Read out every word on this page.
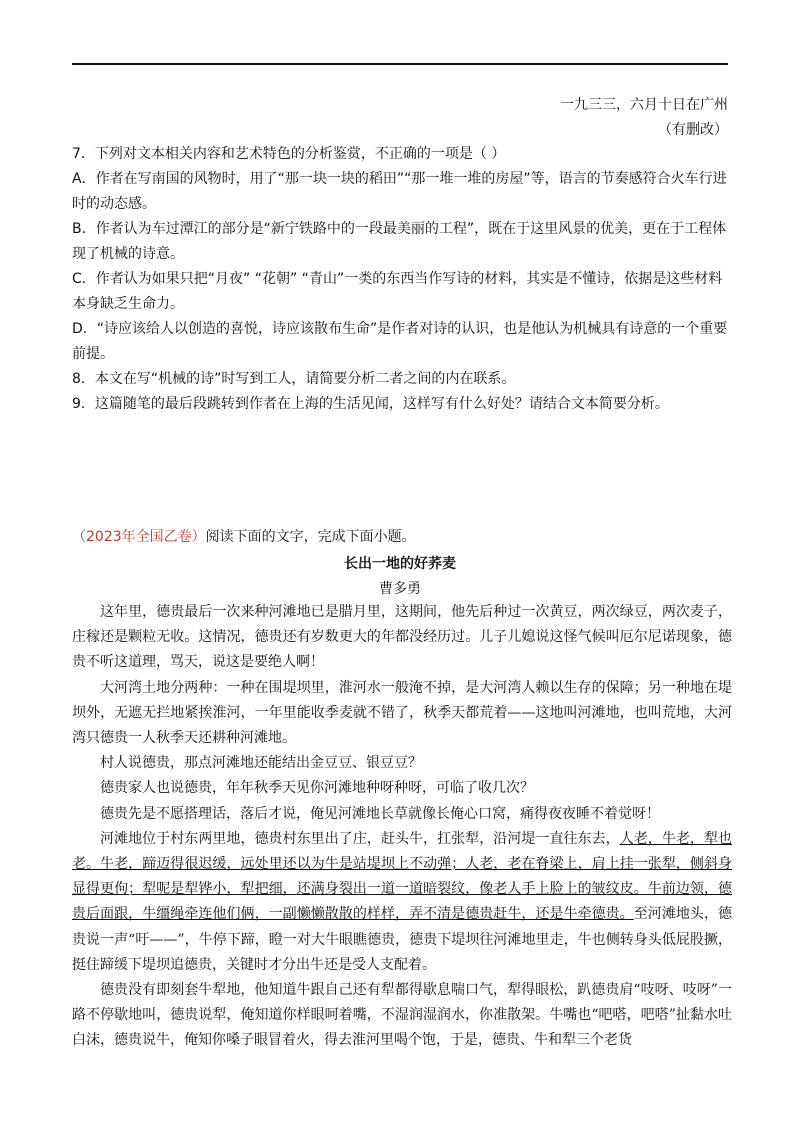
一九三三，六月十日在广州
（有删改）

7．下列对文本相关内容和艺术特色的分析鉴赏，不正确的一项是（ ）

A．作者在写南国的风物时，用了“那一块一块的稻田”“那一堆一堆的房屋”等，语言的节奏感符合火车行进时的动态感。

B．作者认为车过潭江的部分是“新宁铁路中的一段最美丽的工程”，既在于这里风景的优美，更在于工程体现了机械的诗意。

C．作者认为如果只把“月夜” “花朝” “青山”一类的东西当作写诗的材料，其实是不懂诗，依据是这些材料本身缺乏生命力。

D．“诗应该给人以创造的喜悦，诗应该散布生命”是作者对诗的认识，也是他认为机械具有诗意的一个重要前提。

8．本文在写“机械的诗”时写到工人，请简要分析二者之间的内在联系。

9．这篇随笔的最后段跳转到作者在上海的生活见闻，这样写有什么好处？请结合文本简要分析。

（2023年全国乙卷）阅读下面的文字，完成下面小题。
长出一地的好荞麦
曹多勇

这年里，德贵最后一次来种河滩地已是腊月里，这期间，他先后种过一次黄豆，两次绿豆，两次麦子，庄稼还是颗粒无收。这情况，德贵还有岁数更大的年都没经历过。儿子儿媳说这怪气候叫厄尔尼诺现象，德贵不听这道理，骂天，说这是要绝人啊！

大河湾土地分两种：一种在围堤坝里，淮河水一般淹不掉，是大河湾人赖以生存的保障；另一种地在堤坝外，无遮无拦地紧挨淮河，一年里能收季麦就不错了，秋季天都荒着——这地叫河滩地，也叫荒地，大河湾只德贵一人秋季天还耕种河滩地。

村人说德贵，那点河滩地还能结出金豆豆、银豆豆？

德贵家人也说德贵，年年秋季天见你河滩地种呀种呀，可临了收几次？

德贵先是不愿搭理话，落后才说，俺见河滩地长草就像长俺心口窝，痛得夜夜睡不着觉呀！

河滩地位于村东两里地，德贵村东里出了庄，赶头牛，扛张犁，沿河堤一直往东去，人老，牛老，犁也老。牛老，蹄迈得很迟缓，远处里还以为牛是站堤坝上不动弹；人老，老在脊梁上，肩上挂一张犁，侧斜身显得更佝；犁呢是犁铧小，犁把细，还满身裂出一道一道暗裂纹，像老人手上脸上的皱纹皮。牛前边领，德贵后面跟，牛缰绳牵连他们俩，一副懒懒散散的样样，弄不清是德贵赶牛，还是牛牵德贵。至河滩地头，德贵说一声“吁——”，牛停下蹄，瞪一对大牛眼瞧德贵，德贵下堤坝往河滩地里走，牛也侧转身头低屁股撅，挺住蹄缓下堤坝追德贵，关键时才分出牛还是受人支配着。

德贵没有即刻套牛犁地，他知道牛跟自己还有犁都得歇息喘口气，犁得眼松，趴德贵肩“吱呀、吱呀”一路不停歇地叫，德贵说犁，俺知道你样眼呵着嘴，不湿润湿润水，你准散架。牛嘴也“吧嗒，吧嗒”扯黏水吐白沫，德贵说牛，俺知你嗓子眼冒着火，得去淮河里喝个饱，于是，德贵、牛和犁三个老货
